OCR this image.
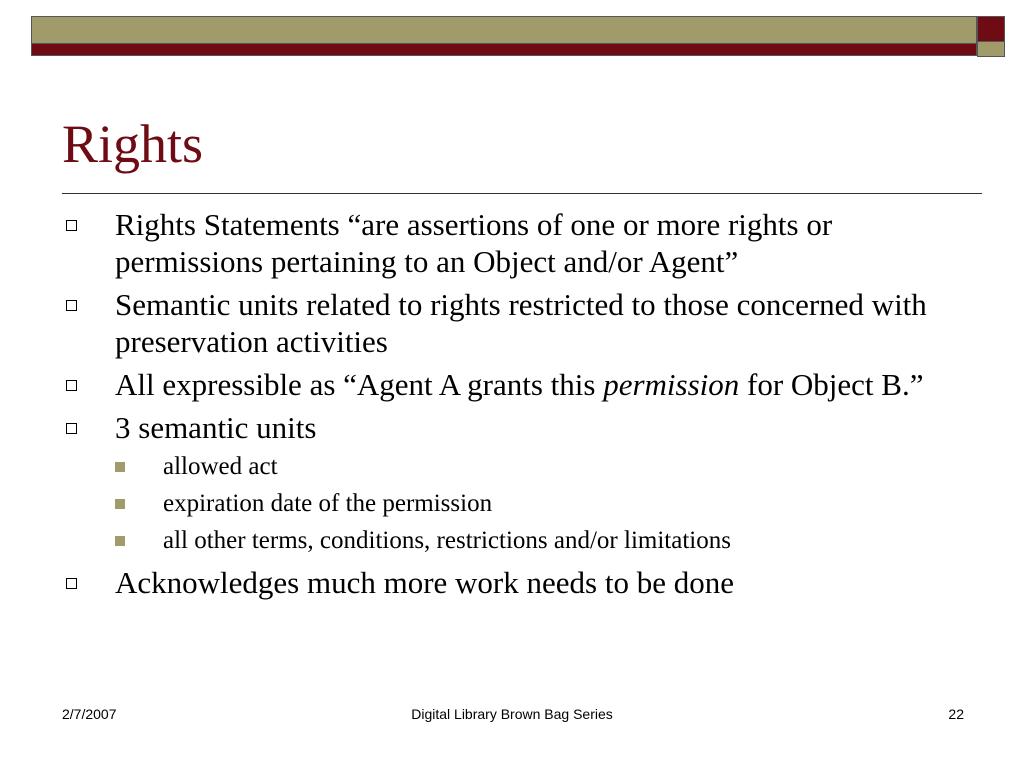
Rights
Rights Statements “are assertions of one or more rights or permissions pertaining to an Object and/or Agent”
Semantic units related to rights restricted to those concerned with preservation activities
All expressible as “Agent A grants this permission for Object B.”
3 semantic units
allowed act
expiration date of the permission
all other terms, conditions, restrictions and/or limitations
Acknowledges much more work needs to be done
2/7/2007	Digital Library Brown Bag Series	22
